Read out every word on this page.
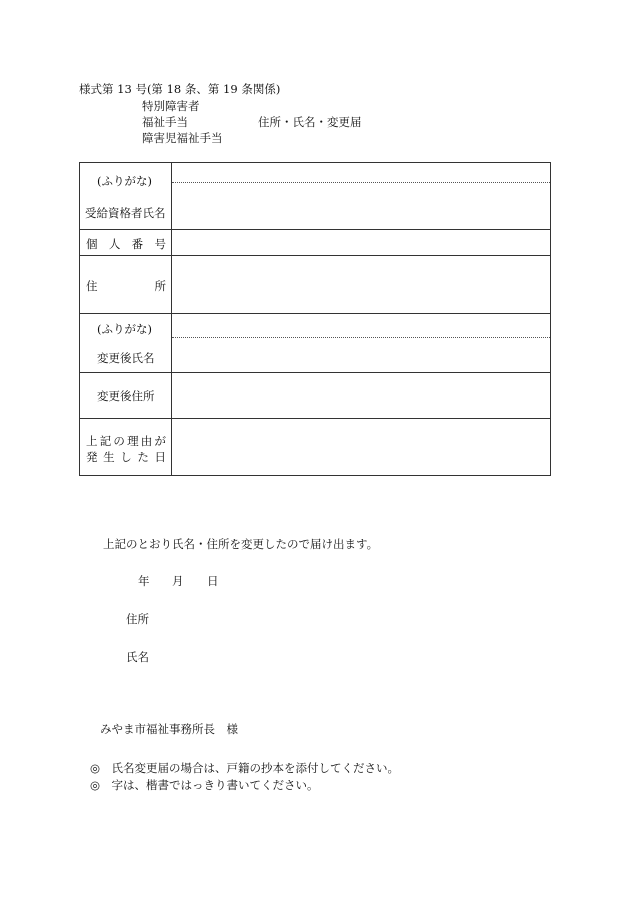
様式第 13 号(第 18 条、第 19 条関係)
特別障害者
福祉手当
障害児福祉手当
住所・氏名・変更届
(ふりがな)
受給資格者氏名
個 人 番 号
住	所
(ふりがな)
変更後氏名
変更後住所
上 記 の 理 由 が
発 生 し た 日
上記のとおり氏名・住所を変更したので届け出ます。
年 月 日
住所
氏名
みやま市福祉事務所長　様
◎　氏名変更届の場合は、戸籍の抄本を添付してください。
◎　字は、楷書ではっきり書いてください。
